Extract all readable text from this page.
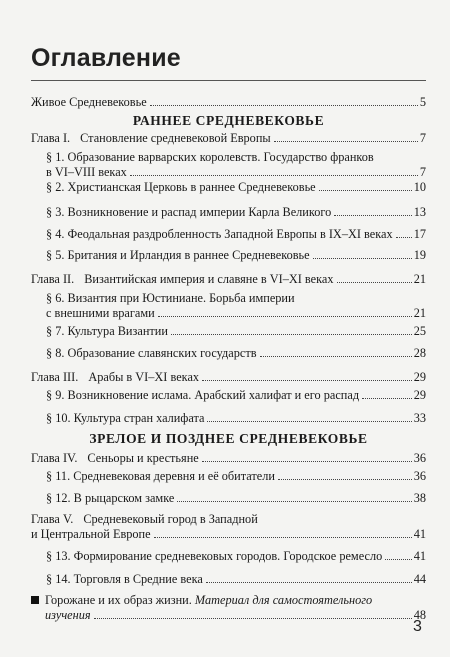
Оглавление
Живое Средневековье	5
РАННЕЕ СРЕДНЕВЕКОВЬЕ
Глава I. Становление средневековой Европы	7
§ 1. Образование варварских королевств. Государство франков
в VI–VIII веках	7
§ 2. Христианская Церковь в раннее Средневековье	10
§ 3. Возникновение и распад империи Карла Великого	13
§ 4. Феодальная раздробленность Западной Европы в IX–XI веках 17
§ 5. Британия и Ирландия в раннее Средневековье	19
Глава II. Византийская империя и славяне в VI–XI веках	21
§ 6. Византия при Юстиниане. Борьба империи
с внешними врагами	21
§ 7. Культура Византии	25
§ 8. Образование славянских государств	28
Глава III. Арабы в VI–XI веках	29
§ 9. Возникновение ислама. Арабский халифат и его распад	29
§ 10. Культура стран халифата	33
ЗРЕЛОЕ И ПОЗДНЕЕ СРЕДНЕВЕКОВЬЕ
Глава IV. Сеньоры и крестьяне	36
§ 11. Средневековая деревня и её обитатели	36
§ 12. В рыцарском замке	38
Глава V. Средневековый город в Западной
и Центральной Европе	41
§ 13. Формирование средневековых городов. Городское ремесло	41
§ 14. Торговля в Средние века	44
Горожане и их образ жизни. Материал для самостоятельного
изучения	48
3
